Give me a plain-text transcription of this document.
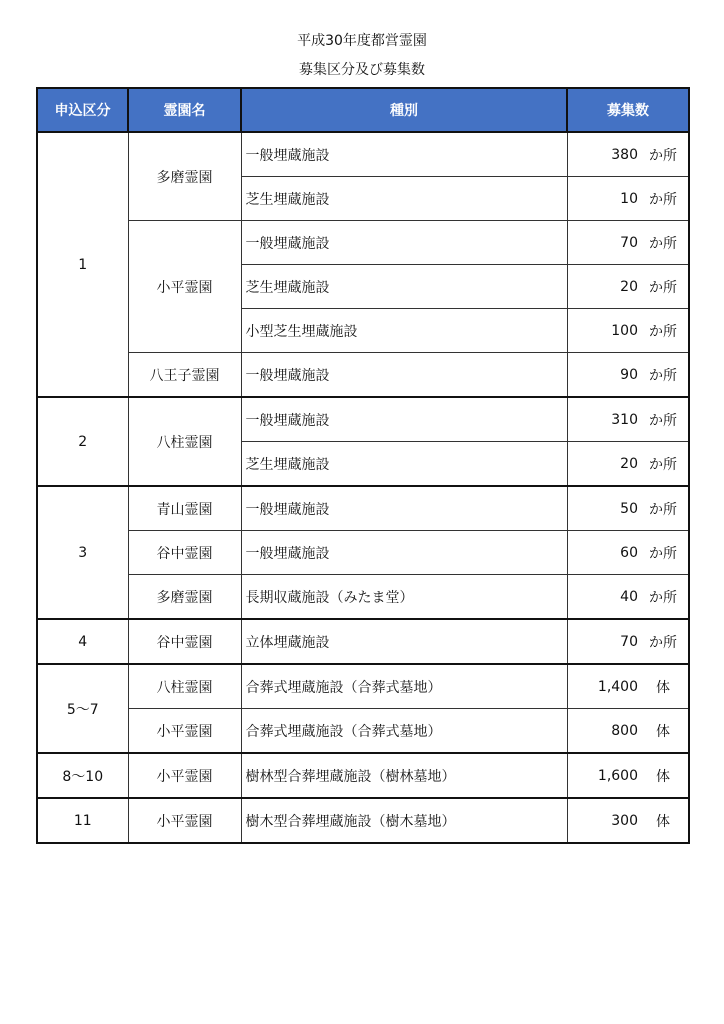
平成30年度都営霊園
募集区分及び募集数
申込区分	霊園名	種別	募集数
1	多磨霊園	一般埋蔵施設	380 か所

		芝生埋蔵施設	10 か所

	小平霊園	一般埋蔵施設	70 か所

		芝生埋蔵施設	20 か所

		小型芝生埋蔵施設	100 か所

	八王子霊園	一般埋蔵施設	90 か所

2	八柱霊園	一般埋蔵施設	310 か所

		芝生埋蔵施設	20 か所

3	青山霊園	一般埋蔵施設	50 か所

	谷中霊園	一般埋蔵施設	60 か所

	多磨霊園	長期収蔵施設（みたま堂）	40 か所

4	谷中霊園	立体埋蔵施設	70 か所

5～7	八柱霊園	合葬式埋蔵施設（合葬式墓地）	1,400 体

	小平霊園	合葬式埋蔵施設（合葬式墓地）	800 体

8～10	小平霊園	樹林型合葬埋蔵施設（樹林墓地）	1,600 体

11	小平霊園	樹木型合葬埋蔵施設（樹木墓地）	300 体
